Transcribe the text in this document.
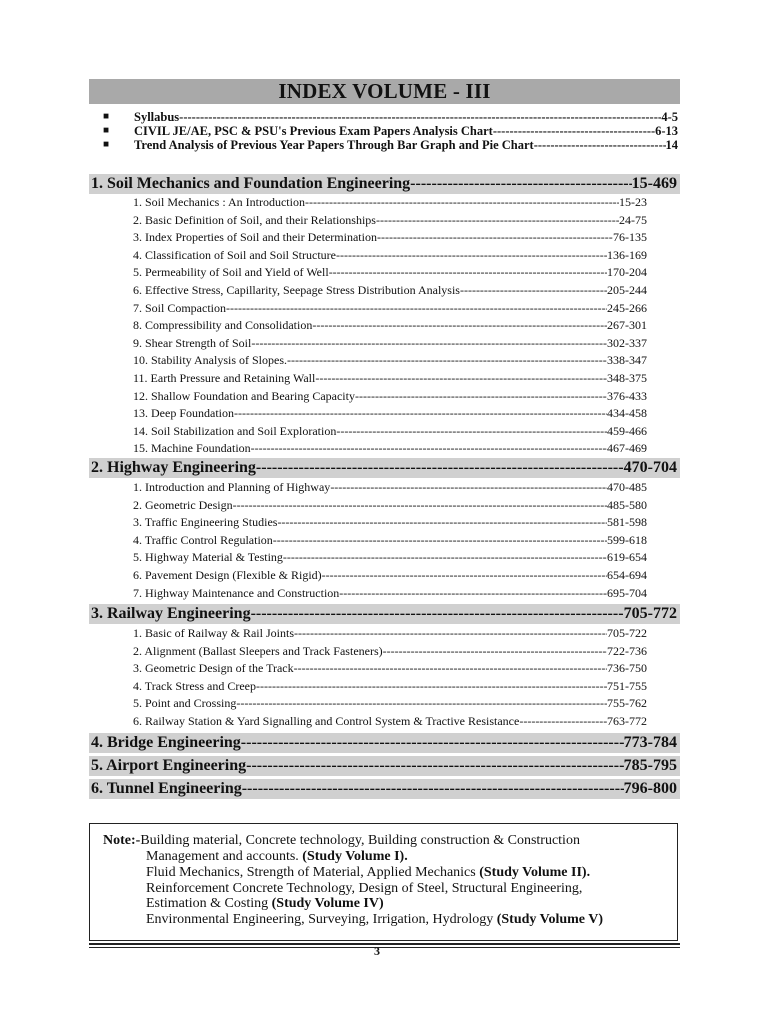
INDEX VOLUME - III
■ Syllabus -----	4-5
■ CIVIL JE/AE, PSC & PSU's Previous Exam Papers Analysis Chart -----	6-13
■ Trend Analysis of Previous Year Papers Through Bar Graph and Pie Chart -----	14
1. Soil Mechanics and Foundation Engineering -----	15-469
1. Soil Mechanics : An Introduction -----	15-23
2. Basic Definition of Soil, and their Relationships -----	24-75
3. Index Properties of Soil and their Determination -----	76-135
4. Classification of Soil and Soil Structure -----	136-169
5. Permeability of Soil and Yield of Well -----	170-204
6. Effective Stress, Capillarity, Seepage Stress Distribution Analysis -----	205-244
7. Soil Compaction -----	245-266
8. Compressibility and Consolidation -----	267-301
9. Shear Strength of Soil -----	302-337
10. Stability Analysis of Slopes. -----	338-347
11. Earth Pressure and Retaining Wall -----	348-375
12. Shallow Foundation and Bearing Capacity -----	376-433
13. Deep Foundation -----	434-458
14. Soil Stabilization and Soil Exploration -----	459-466
15. Machine Foundation -----	467-469
2. Highway Engineering -----	470-704
1. Introduction and Planning of Highway -----	470-485
2. Geometric Design -----	485-580
3. Traffic Engineering Studies -----	581-598
4. Traffic Control Regulation -----	599-618
5. Highway Material & Testing -----	619-654
6. Pavement Design (Flexible & Rigid) -----	654-694
7. Highway Maintenance and Construction -----	695-704
3. Railway Engineering -----	705-772
1. Basic of Railway & Rail Joints -----	705-722
2. Alignment (Ballast Sleepers and Track Fasteners) -----	722-736
3. Geometric Design of the Track -----	736-750
4. Track Stress and Creep -----	751-755
5. Point and Crossing -----	755-762
6. Railway Station & Yard Signalling and Control System & Tractive Resistance -----	763-772
4. Bridge Engineering -----	773-784
5. Airport Engineering -----	785-795
6. Tunnel Engineering -----	796-800
Note:-Building material, Concrete technology, Building construction & Construction
Management and accounts. (Study Volume I).
Fluid Mechanics, Strength of Material, Applied Mechanics (Study Volume II).
Reinforcement Concrete Technology, Design of Steel, Structural Engineering,
Estimation & Costing (Study Volume IV)
Environmental Engineering, Surveying, Irrigation, Hydrology (Study Volume V)
3
